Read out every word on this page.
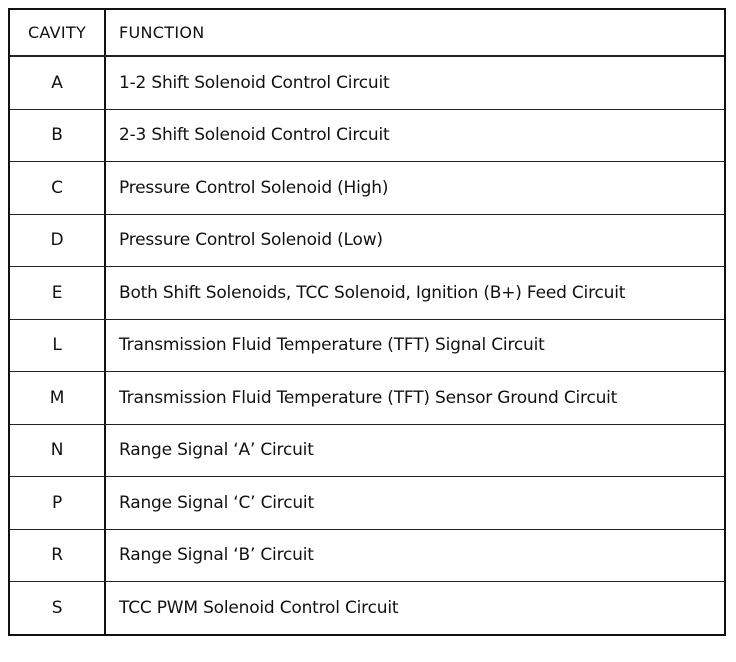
CAVITY	FUNCTION
A	1-2 Shift Solenoid Control Circuit
B	2-3 Shift Solenoid Control Circuit
C	Pressure Control Solenoid (High)
D	Pressure Control Solenoid (Low)
E	Both Shift Solenoids, TCC Solenoid, Ignition (B+) Feed Circuit
L	Transmission Fluid Temperature (TFT) Signal Circuit
M	Transmission Fluid Temperature (TFT) Sensor Ground Circuit
N	Range Signal ‘A’ Circuit
P	Range Signal ‘C’ Circuit
R	Range Signal ‘B’ Circuit
S	TCC PWM Solenoid Control Circuit
